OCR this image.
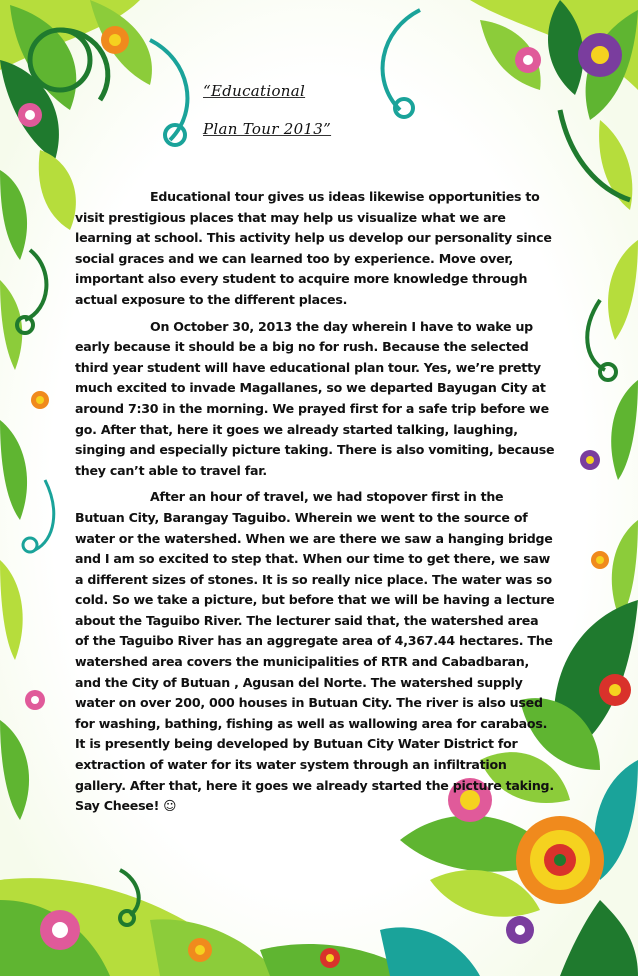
“Educational
Plan Tour 2013”

Educational tour gives us ideas likewise opportunities to visit prestigious places that may help us visualize what we are learning at school. This activity help us develop our personality since social graces and we can learned too by experience. Move over, important also every student to acquire more knowledge through actual exposure to the different places.

On October 30, 2013 the day wherein I have to wake up early because it should be a big no for rush. Because the selected third year student will have educational plan tour. Yes, we’re pretty much excited to invade Magallanes, so we departed Bayugan City at around 7:30 in the morning. We prayed first for a safe trip before we go. After that, here it goes we already started talking, laughing, singing and especially picture taking. There is also vomiting, because they can’t able to travel far.

After an hour of travel, we had stopover first in the Butuan City, Barangay Taguibo. Wherein we went to the source of water or the watershed. When we are there we saw a hanging bridge and I am so excited to step that. When our time to get there, we saw a different sizes of stones. It is so really nice place. The water was so cold. So we take a picture, but before that we will be having a lecture about the Taguibo River. The lecturer said that, the watershed area of the Taguibo River has an aggregate area of 4,367.44 hectares. The watershed area covers the municipalities of RTR and Cabadbaran, and the City of Butuan , Agusan del Norte. The watershed supply water on over 200, 000 houses in Butuan City. The river is also used for washing, bathing, fishing as well as wallowing area for carabaos. It is presently being developed by Butuan City Water District for extraction of water for its water system through an infiltration gallery. After that, here it goes we already started the picture taking. Say Cheese! ☺
